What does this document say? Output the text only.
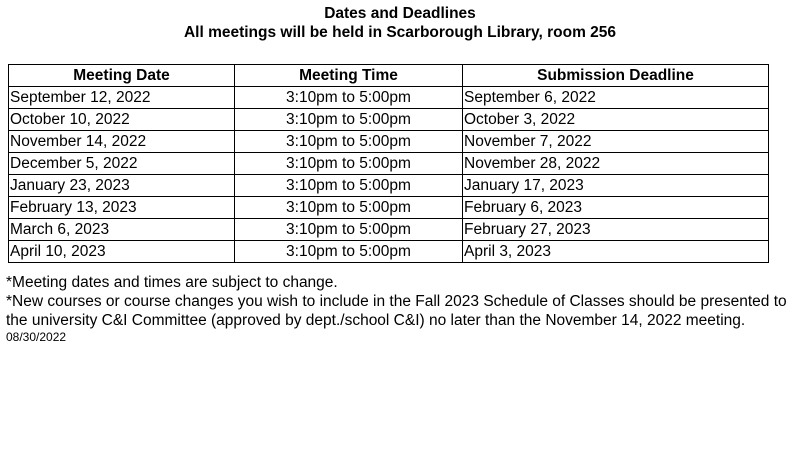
Dates and Deadlines
All meetings will be held in Scarborough Library, room 256
Meeting Date	Meeting Time	Submission Deadline
September 12, 2022	3:10pm to 5:00pm	September 6, 2022
October 10, 2022	3:10pm to 5:00pm	October 3, 2022
November 14, 2022	3:10pm to 5:00pm	November 7, 2022
December 5, 2022	3:10pm to 5:00pm	November 28, 2022
January 23, 2023	3:10pm to 5:00pm	January 17, 2023
February 13, 2023	3:10pm to 5:00pm	February 6, 2023
March 6, 2023	3:10pm to 5:00pm	February 27, 2023
April 10, 2023	3:10pm to 5:00pm	April 3, 2023

*Meeting dates and times are subject to change.

*New courses or course changes you wish to include in the Fall 2023 Schedule of Classes should be presented to the university C&I Committee (approved by dept./school C&I) no later than the November 14, 2022 meeting.

08/30/2022
